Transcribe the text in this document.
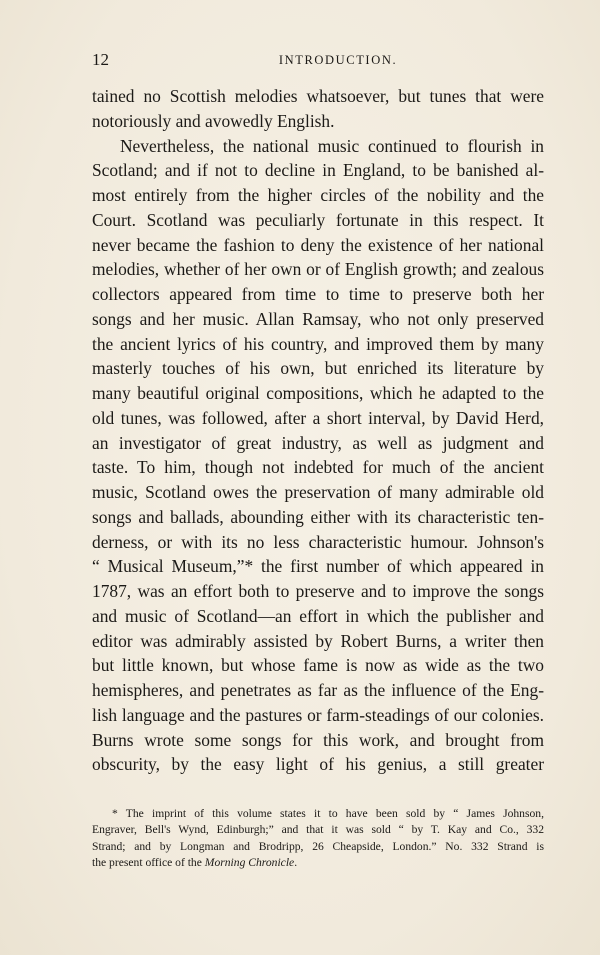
12	INTRODUCTION.
tained no Scottish melodies whatsoever, but tunes that were
notoriously and avowedly English.
Nevertheless, the national music continued to flourish in
Scotland; and if not to decline in England, to be banished al-
most entirely from the higher circles of the nobility and the
Court. Scotland was peculiarly fortunate in this respect. It
never became the fashion to deny the existence of her national
melodies, whether of her own or of English growth; and zealous
collectors appeared from time to time to preserve both her
songs and her music. Allan Ramsay, who not only preserved
the ancient lyrics of his country, and improved them by many
masterly touches of his own, but enriched its literature by
many beautiful original compositions, which he adapted to the
old tunes, was followed, after a short interval, by David Herd,
an investigator of great industry, as well as judgment and
taste. To him, though not indebted for much of the ancient
music, Scotland owes the preservation of many admirable old
songs and ballads, abounding either with its characteristic ten-
derness, or with its no less characteristic humour. Johnson's
“ Musical Museum,”* the first number of which appeared in
1787, was an effort both to preserve and to improve the songs
and music of Scotland—an effort in which the publisher and
editor was admirably assisted by Robert Burns, a writer then
but little known, but whose fame is now as wide as the two
hemispheres, and penetrates as far as the influence of the Eng-
lish language and the pastures or farm-steadings of our colonies.
Burns wrote some songs for this work, and brought from
obscurity, by the easy light of his genius, a still greater
* The imprint of this volume states it to have been sold by “ James Johnson,
Engraver, Bell's Wynd, Edinburgh;” and that it was sold “ by T. Kay and Co., 332
Strand; and by Longman and Brodripp, 26 Cheapside, London.” No. 332 Strand is
the present office of the Morning Chronicle.
